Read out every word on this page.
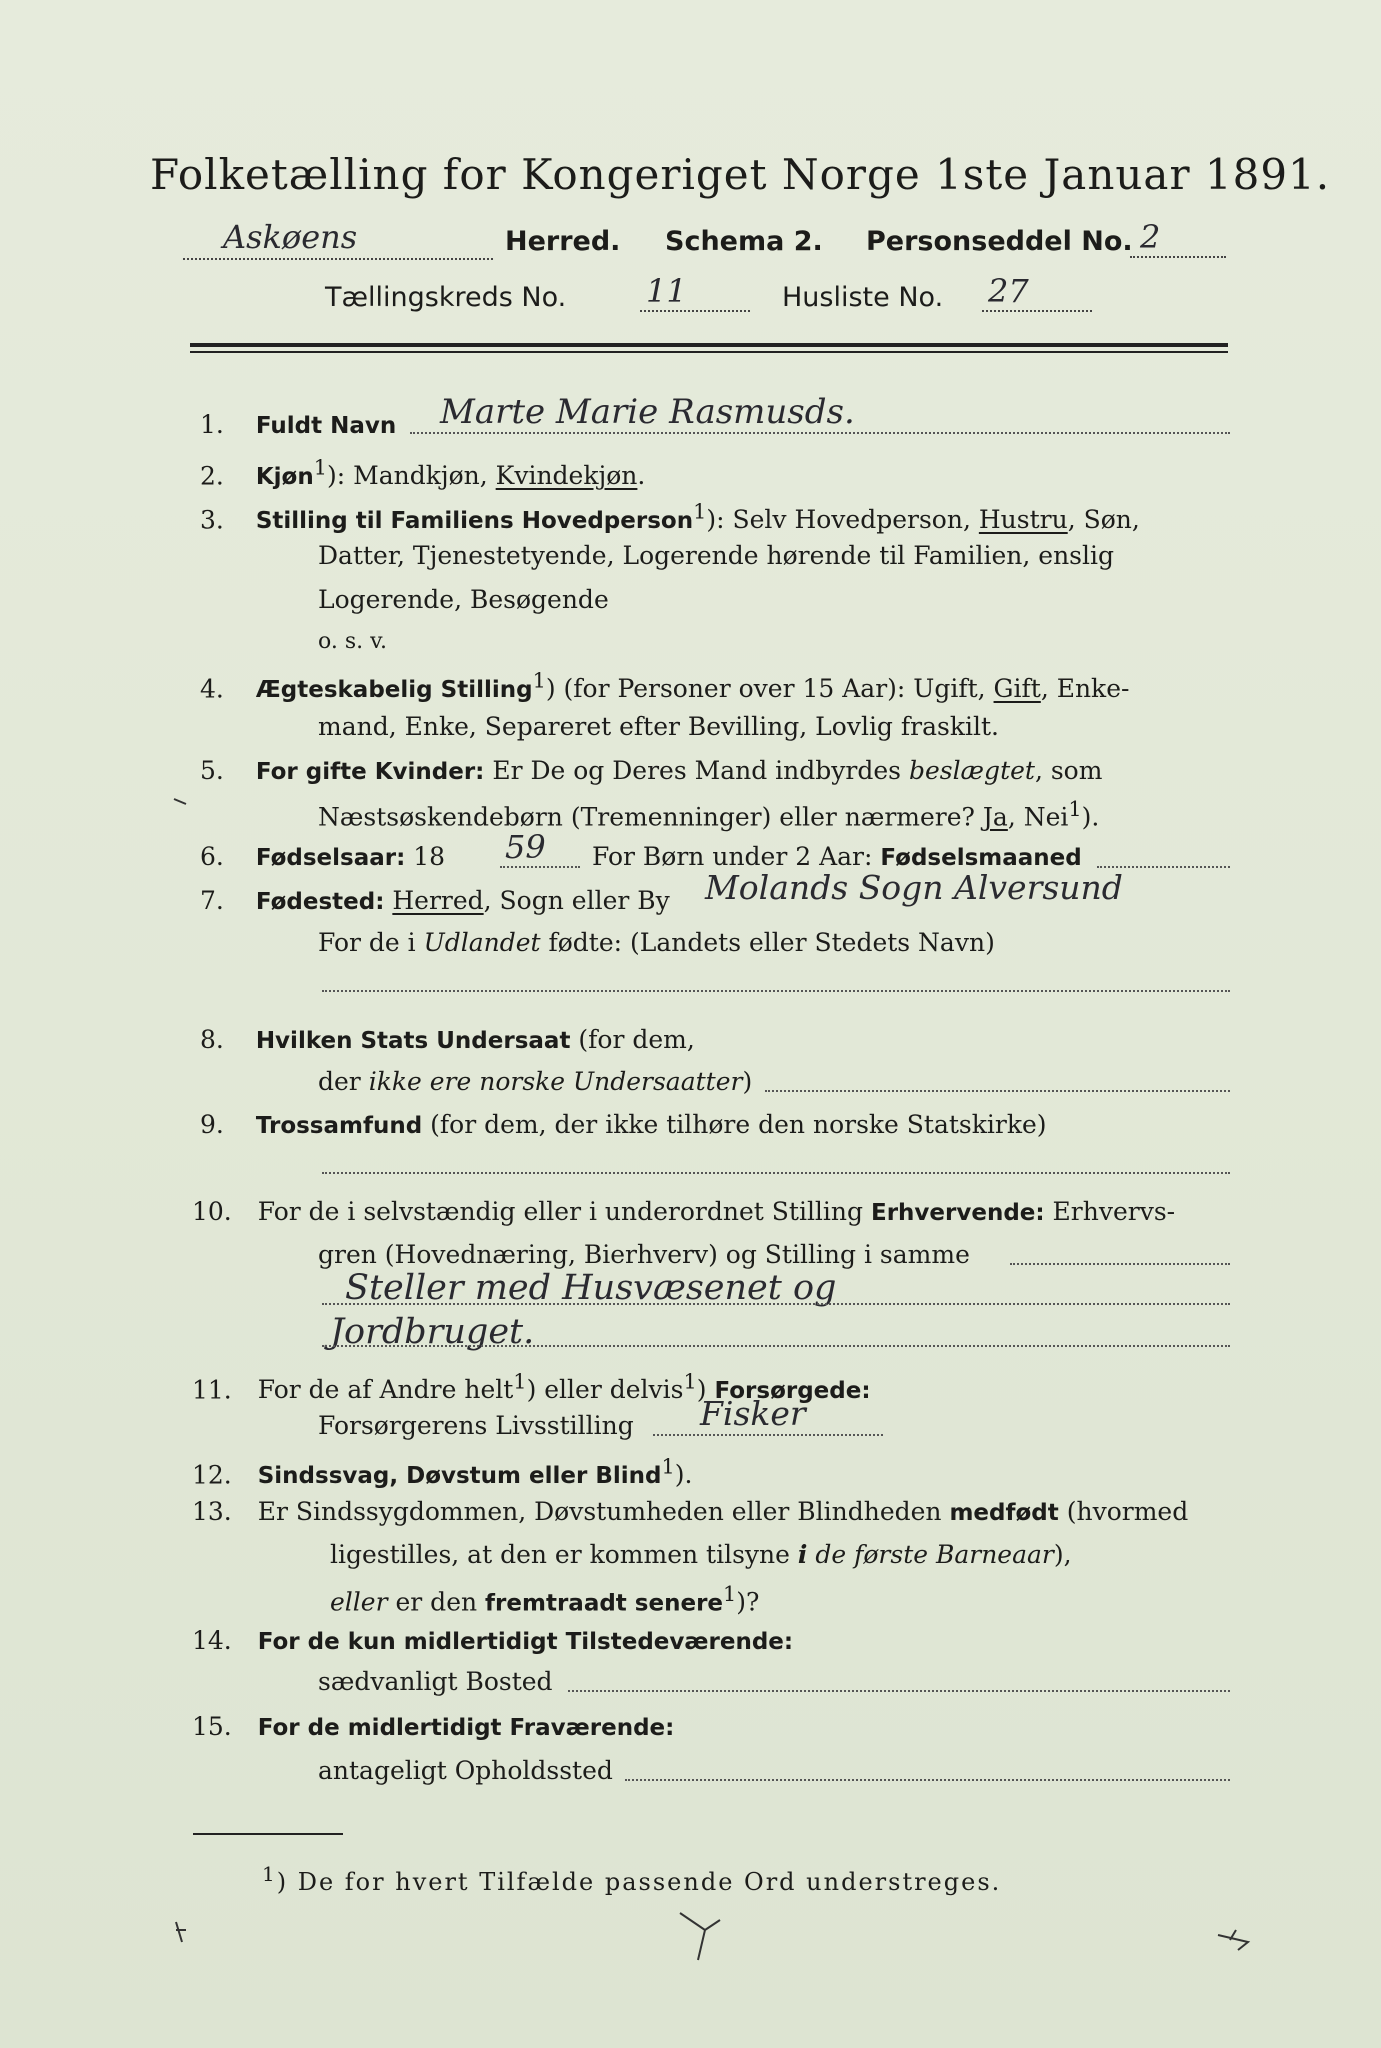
Folketælling for Kongeriget Norge 1ste Januar 1891.
Askøens	Herred. Schema 2. Personseddel No. 2
Tællingskreds No. 11	Husliste No. 27
1. Fuldt Navn Marte Marie Rasmusds.
2. Kjøn$^1$): Mandkjøn, Kvindekjøn.
3. Stilling til Familiens Hovedperson$^1$): Selv Hovedperson, Hustru, Søn,
Datter, Tjenestetyende, Logerende hørende til Familien, enslig
Logerende, Besøgende
o. s. v.
4. Ægteskabelig Stilling$^1$) (for Personer over 15 Aar): Ugift, Gift, Enke-
mand, Enke, Separeret efter Bevilling, Lovlig fraskilt.
5. For gifte Kvinder: Er De og Deres Mand indbyrdes beslægtet, som
Næstsøskendebørn (Tremenninger) eller nærmere? Ja, Nei$^1$).
6. Fødselsaar: 18 59 For Børn under 2 Aar: Fødselsmaaned
7. Fødested: Herred, Sogn eller By Molands Sogn Alversund
For de i Udlandet fødte: (Landets eller Stedets Navn)
8. Hvilken Stats Undersaat (for dem,
der ikke ere norske Undersaatter)
9. Trossamfund (for dem, der ikke tilhøre den norske Statskirke)
10. For de i selvstændig eller i underordnet Stilling Erhvervende: Erhvervs-
gren (Hovednæring, Bierhverv) og Stilling i samme
Steller med Husvæsenet og
Jordbruget.
11. For de af Andre helt$^1$) eller delvis$^1$) Forsørgede:
Forsørgerens Livsstilling Fisker
12. Sindssvag, Døvstum eller Blind$^1$).
13. Er Sindssygdommen, Døvstumheden eller Blindheden medfødt (hvormed
ligestilles, at den er kommen tilsyne i de første Barneaar),
eller er den fremtraadt senere$^1$)?
14. For de kun midlertidigt Tilstedeværende:
sædvanligt Bosted
15. For de midlertidigt Fraværende:
antageligt Opholdssted
$^1$) De for hvert Tilfælde passende Ord understreges.
